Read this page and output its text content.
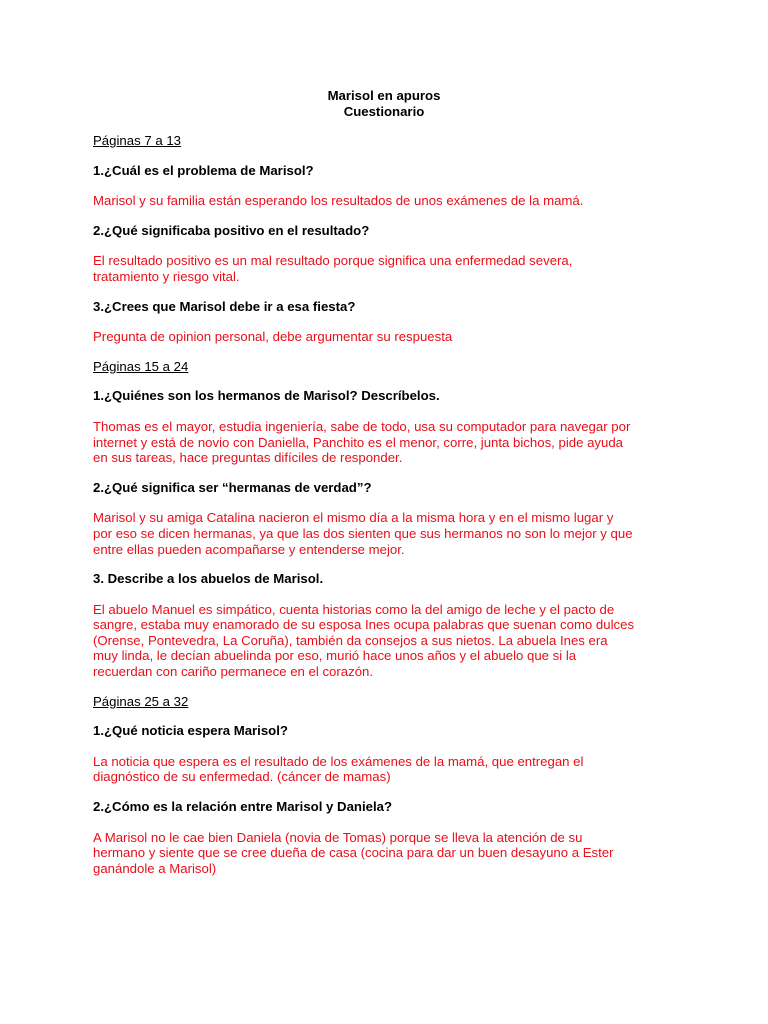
Marisol en apuros
Cuestionario
Páginas 7 a 13
1.¿Cuál es el problema de Marisol?
Marisol y su familia están esperando los resultados de unos exámenes de la mamá.
2.¿Qué significaba positivo en el resultado?
El resultado positivo es un mal resultado porque significa una enfermedad severa,
tratamiento y riesgo vital.
3.¿Crees que Marisol debe ir a esa fiesta?
Pregunta de opinion personal, debe argumentar su respuesta
Páginas 15 a 24
1.¿Quiénes son los hermanos de Marisol? Descríbelos.
Thomas es el mayor, estudia ingeniería, sabe de todo, usa su computador para navegar por
internet y está de novio con Daniella, Panchito es el menor, corre, junta bichos, pide ayuda
en sus tareas, hace preguntas difíciles de responder.
2.¿Qué significa ser “hermanas de verdad”?
Marisol y su amiga Catalina nacieron el mismo día a la misma hora y en el mismo lugar y
por eso se dicen hermanas, ya que las dos sienten que sus hermanos no son lo mejor y que
entre ellas pueden acompañarse y entenderse mejor.
3. Describe a los abuelos de Marisol.
El abuelo Manuel es simpático, cuenta historias como la del amigo de leche y el pacto de
sangre, estaba muy enamorado de su esposa Ines ocupa palabras que suenan como dulces
(Orense, Pontevedra, La Coruña), también da consejos a sus nietos. La abuela Ines era
muy linda, le decían abuelinda por eso, murió hace unos años y el abuelo que si la
recuerdan con cariño permanece en el corazón.
Páginas 25 a 32
1.¿Qué noticia espera Marisol?
La noticia que espera es el resultado de los exámenes de la mamá, que entregan el
diagnóstico de su enfermedad. (cáncer de mamas)
2.¿Cómo es la relación entre Marisol y Daniela?
A Marisol no le cae bien Daniela (novia de Tomas) porque se lleva la atención de su
hermano y siente que se cree dueña de casa (cocina para dar un buen desayuno a Ester
ganándole a Marisol)
